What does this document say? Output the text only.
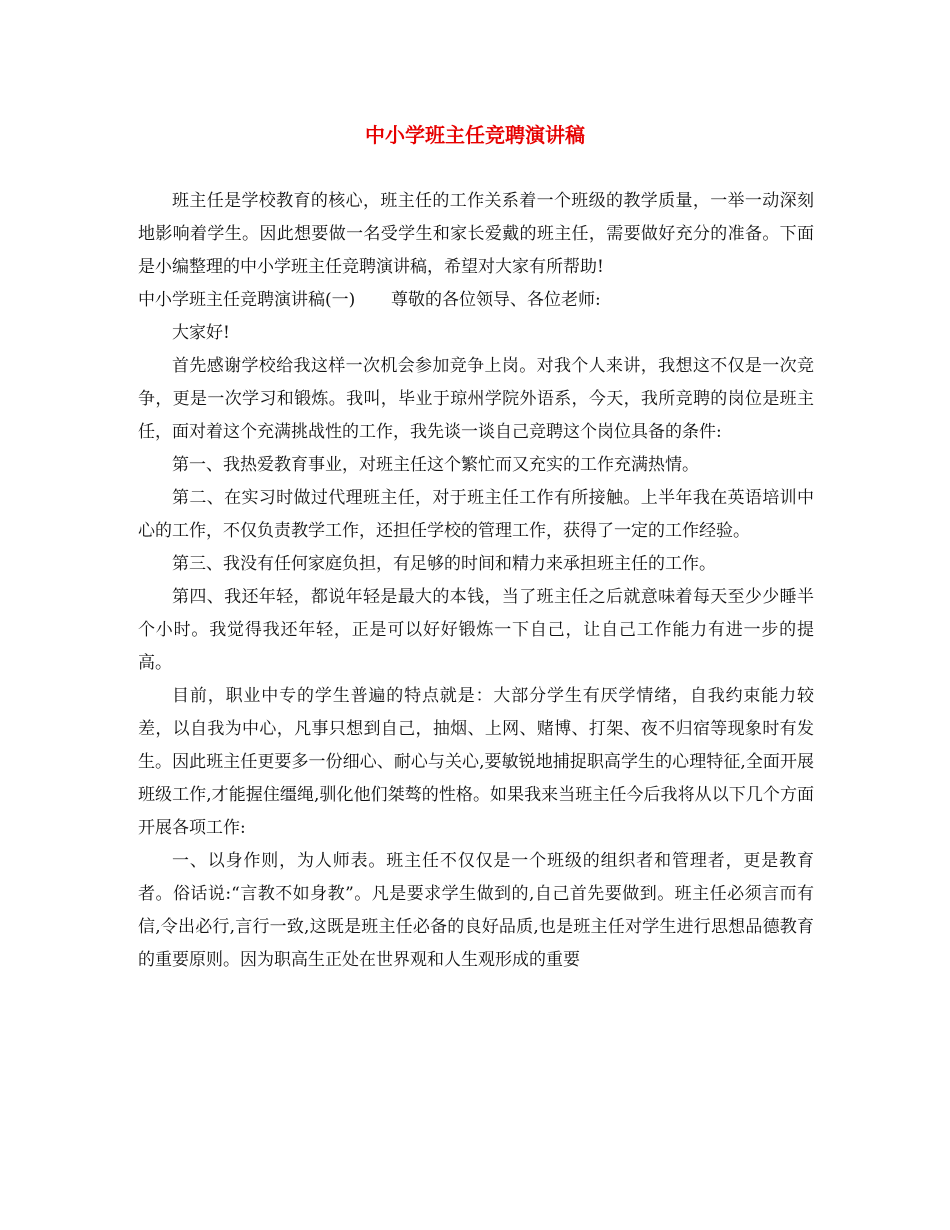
中小学班主任竞聘演讲稿

班主任是学校教育的核心，班主任的工作关系着一个班级的教学质量，一举一动深刻地影响着学生。因此想要做一名受学生和家长爱戴的班主任，需要做好充分的准备。下面是小编整理的中小学班主任竞聘演讲稿，希望对大家有所帮助!

中小学班主任竞聘演讲稿(一) 尊敬的各位领导、各位老师:

大家好!

首先感谢学校给我这样一次机会参加竞争上岗。对我个人来讲，我想这不仅是一次竞争，更是一次学习和锻炼。我叫，毕业于琼州学院外语系，今天，我所竞聘的岗位是班主任，面对着这个充满挑战性的工作，我先谈一谈自己竞聘这个岗位具备的条件:

第一、我热爱教育事业，对班主任这个繁忙而又充实的工作充满热情。

第二、在实习时做过代理班主任，对于班主任工作有所接触。上半年我在英语培训中心的工作，不仅负责教学工作，还担任学校的管理工作，获得了一定的工作经验。

第三、我没有任何家庭负担，有足够的时间和精力来承担班主任的工作。

第四、我还年轻，都说年轻是最大的本钱，当了班主任之后就意味着每天至少少睡半个小时。我觉得我还年轻，正是可以好好锻炼一下自己，让自己工作能力有进一步的提高。

目前，职业中专的学生普遍的特点就是：大部分学生有厌学情绪，自我约束能力较差，以自我为中心，凡事只想到自己，抽烟、上网、赌博、打架、夜不归宿等现象时有发生。因此班主任更要多一份细心、耐心与关心,要敏锐地捕捉职高学生的心理特征,全面开展班级工作,才能握住缰绳,驯化他们桀骜的性格。如果我来当班主任今后我将从以下几个方面开展各项工作:

一、以身作则，为人师表。班主任不仅仅是一个班级的组织者和管理者，更是教育者。俗话说:“言教不如身教”。凡是要求学生做到的,自己首先要做到。班主任必须言而有信,令出必行,言行一致,这既是班主任必备的良好品质,也是班主任对学生进行思想品德教育的重要原则。因为职高生正处在世界观和人生观形成的重要
